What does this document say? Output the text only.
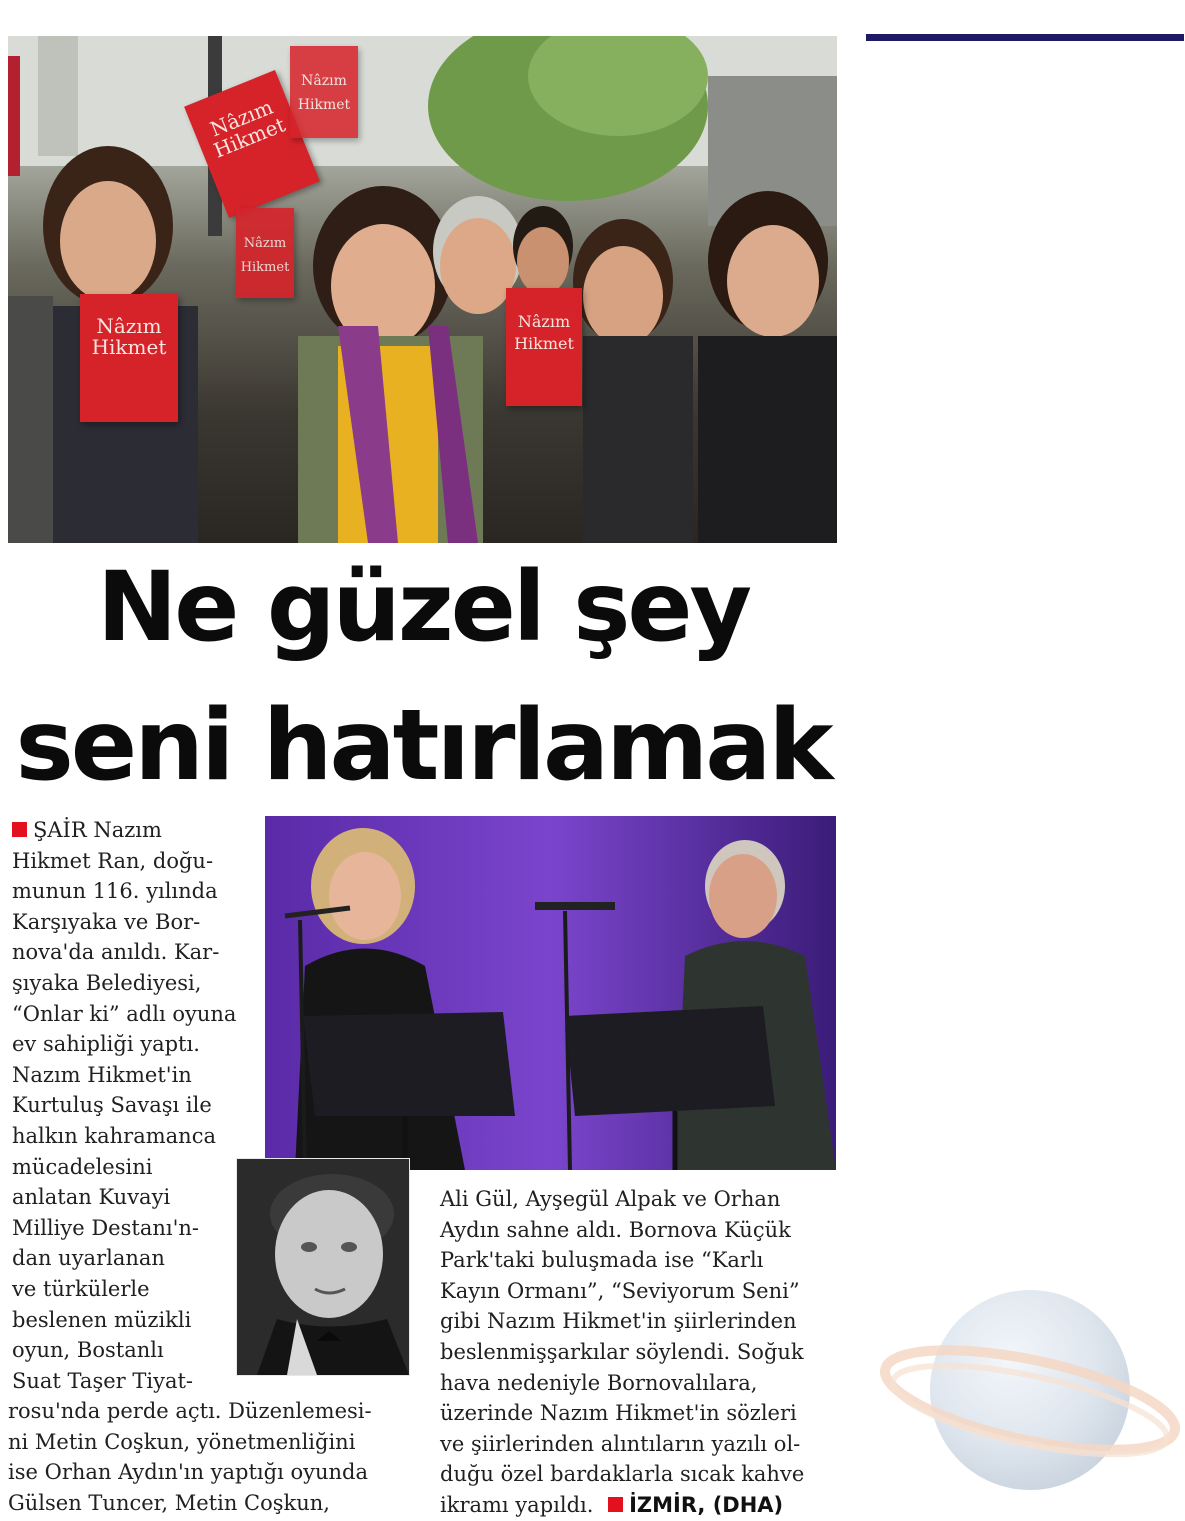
Nâzım Hikmet
Nâzım Hikmet
Nâzım Hikmet
Nâzım Hikmet
Nâzım Hikmet
Ne güzel şey
seni hatırlamak
ŞAİR Nazım
Hikmet Ran, doğu-
munun 116. yılında
Karşıyaka ve Bor-
nova'da anıldı. Kar-
şıyaka Belediyesi,
“Onlar ki” adlı oyuna
ev sahipliği yaptı.
Nazım Hikmet'in
Kurtuluş Savaşı ile
halkın kahramanca
mücadelesini
anlatan Kuvayi
Milliye Destanı'n-
dan uyarlanan
ve türkülerle
beslenen müzikli
oyun, Bostanlı
Suat Taşer Tiyat-
rosu'nda perde açtı. Düzenlemesi-
ni Metin Coşkun, yönetmenliğini
ise Orhan Aydın'ın yaptığı oyunda
Gülsen Tuncer, Metin Coşkun,
Ali Gül, Ayşegül Alpak ve Orhan
Aydın sahne aldı. Bornova Küçük
Park'taki buluşmada ise “Karlı
Kayın Ormanı”, “Seviyorum Seni”
gibi Nazım Hikmet'in şiirlerinden
beslenmişşarkılar söylendi. Soğuk
hava nedeniyle Bornovalılara,
üzerinde Nazım Hikmet'in sözleri
ve şiirlerinden alıntıların yazılı ol-
duğu özel bardaklarla sıcak kahve
ikramı yapıldı. İZMİR, (DHA)
